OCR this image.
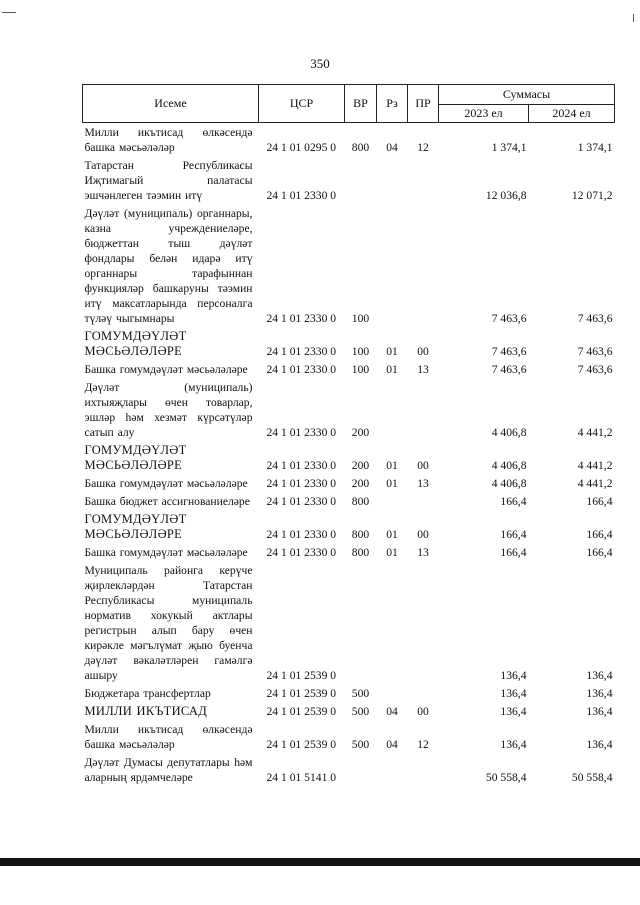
350
Исеме	ЦСР	ВР	Рз	ПР	Суммасы	
					2023 ел	2024 ел
Милли икътисад өлкәсендә башка мәсьәләләр	24 1 01 0295 0	800	04	12	1 374,1	1 374,1
Татарстан Республикасы Иҗтимагый палатасы эшчәнлеген тәэмин итү	24 1 01 2330 0				12 036,8	12 071,2
Дәүләт (муниципаль) органнары, казна учреждениеләре, бюджеттан тыш дәүләт фондлары белән идарә итү органнары тарафыннан функцияләр башкаруны тәэмин итү максатларында персоналга түләү чыгымнары	24 1 01 2330 0	100			7 463,6	7 463,6
ГОМУМДӘҮЛӘТ МӘСЬӘЛӘЛӘРЕ	24 1 01 2330 0	100	01	00	7 463,6	7 463,6
Башка гомумдәүләт мәсьәләләре	24 1 01 2330 0	100	01	13	7 463,6	7 463,6
Дәүләт (муниципаль) ихтыяҗлары өчен товарлар, эшләр һәм хезмәт күрсәтүләр сатып алу	24 1 01 2330 0	200			4 406,8	4 441,2
ГОМУМДӘҮЛӘТ МӘСЬӘЛӘЛӘРЕ	24 1 01 2330 0	200	01	00	4 406,8	4 441,2
Башка гомумдәүләт мәсьәләләре	24 1 01 2330 0	200	01	13	4 406,8	4 441,2
Башка бюджет ассигнованиеләре	24 1 01 2330 0	800			166,4	166,4
ГОМУМДӘҮЛӘТ МӘСЬӘЛӘЛӘРЕ	24 1 01 2330 0	800	01	00	166,4	166,4
Башка гомумдәүләт мәсьәләләре	24 1 01 2330 0	800	01	13	166,4	166,4
Муниципаль районга керүче җирлекләрдән Татарстан Республикасы муниципаль норматив хокукый актлары регистрын алып бару өчен кирәкле мәгълүмат җыю буенча дәүләт вәкаләтләрен гамәлгә ашыру	24 1 01 2539 0				136,4	136,4
Бюджетара трансфертлар	24 1 01 2539 0	500			136,4	136,4
МИЛЛИ ИКЪТИСАД	24 1 01 2539 0	500	04	00	136,4	136,4
Милли икътисад өлкәсендә башка мәсьәләләр	24 1 01 2539 0	500	04	12	136,4	136,4
Дәүләт Думасы депутатлары һәм аларның ярдәмчеләре	24 1 01 5141 0				50 558,4	50 558,4
